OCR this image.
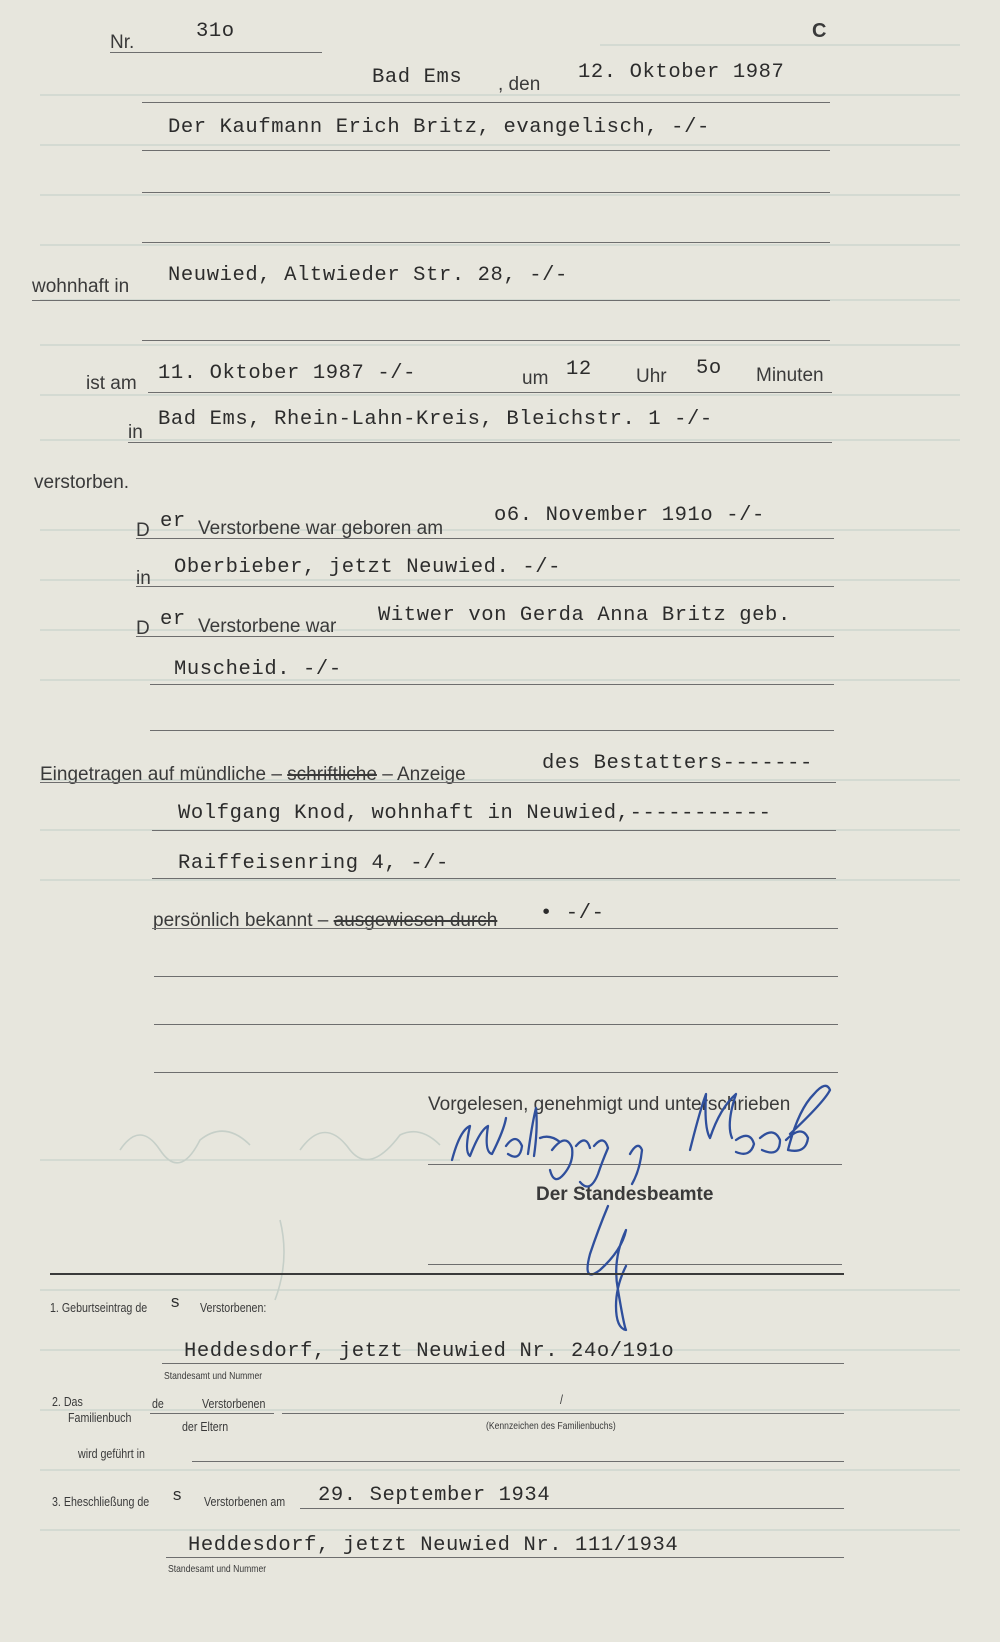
Nr.	31o	C
Bad Ems , den
12. Oktober 1987
Der Kaufmann Erich Britz, evangelisch, -/-
wohnhaft in Neuwied, Altwieder Str. 28, -/-
ist am 11. Oktober 1987 -/-	um 12 Uhr 5o Minuten
in
Bad Ems, Rhein-Lahn-Kreis, Bleichstr. 1 -/-
verstorben.
D er Verstorbene war geboren am
o6. November 191o -/-
in Oberbieber, jetzt Neuwied. -/-
D er Verstorbene war Witwer von Gerda Anna Britz geb.
Muscheid. -/-
Eingetragen auf mündliche – schriftliche – Anzeige	des Bestatters-------
Wolfgang Knod, wohnhaft in Neuwied,-----------
Raiffeisenring 4, -/-
persönlich bekannt – ausgewiesen durch • -/-
Vorgelesen, genehmigt und unterschrieben
Der Standesbeamte
1. Geburtseintrag de s Verstorbenen:
Heddesdorf, jetzt Neuwied Nr. 24o/191o
Standesamt und Nummer
2. Das
Familienbuch
de	Verstorbenen
der Eltern
/
(Kennzeichen des Familienbuchs)
wird geführt in
3. Eheschließung de s Verstorbenen am 29. September 1934
Heddesdorf, jetzt Neuwied Nr. 111/1934
Standesamt und Nummer
